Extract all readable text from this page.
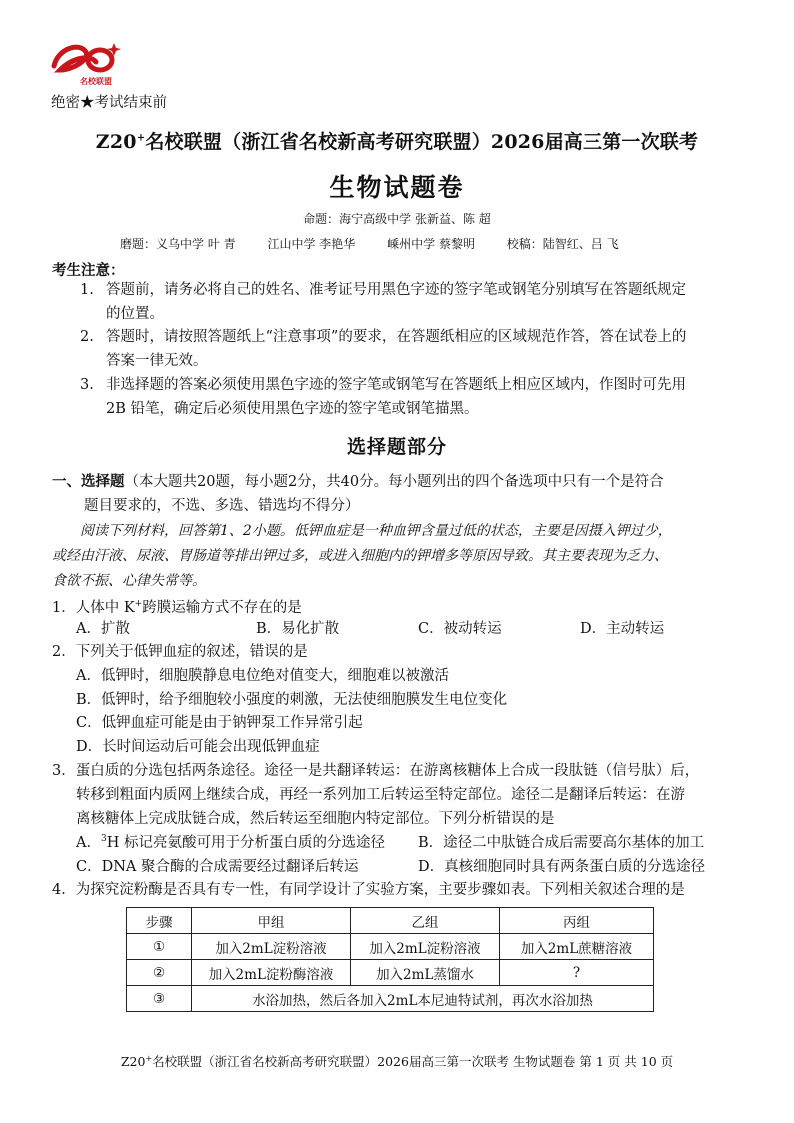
名校联盟
绝密★考试结束前
Z20+名校联盟（浙江省名校新高考研究联盟）2026届高三第一次联考
生物试题卷
命题：海宁高级中学 张新益、陈 超
磨题：义乌中学 叶 青	江山中学 李艳华	嵊州中学 蔡黎明	校稿：陆智红、吕 飞
考生注意：
1. 答题前，请务必将自己的姓名、准考证号用黑色字迹的签字笔或钢笔分别填写在答题纸规定
的位置。
2. 答题时，请按照答题纸上“注意事项”的要求，在答题纸相应的区域规范作答，答在试卷上的
答案一律无效。
3. 非选择题的答案必须使用黑色字迹的签字笔或钢笔写在答题纸上相应区域内，作图时可先用
2B 铅笔，确定后必须使用黑色字迹的签字笔或钢笔描黑。
选择题部分
一、选择题（本大题共20题，每小题2分，共40分。每小题列出的四个备选项中只有一个是符合
题目要求的，不选、多选、错选均不得分）
阅读下列材料，回答第1、2小题。低钾血症是一种血钾含量过低的状态，主要是因摄入钾过少，
或经由汗液、尿液、胃肠道等排出钾过多，或进入细胞内的钾增多等原因导致。其主要表现为乏力、
食欲不振、心律失常等。
1．人体中 K+跨膜运输方式不存在的是
A．扩散	B．易化扩散	C．被动转运	D．主动转运
2．下列关于低钾血症的叙述，错误的是
A．低钾时，细胞膜静息电位绝对值变大，细胞难以被激活
B．低钾时，给予细胞较小强度的刺激，无法使细胞膜发生电位变化
C．低钾血症可能是由于钠钾泵工作异常引起
D．长时间运动后可能会出现低钾血症
3．蛋白质的分选包括两条途径。途径一是共翻译转运：在游离核糖体上合成一段肽链（信号肽）后，
转移到粗面内质网上继续合成，再经一系列加工后转运至特定部位。途径二是翻译后转运：在游
离核糖体上完成肽链合成，然后转运至细胞内特定部位。下列分析错误的是
A．$^3$H 标记亮氨酸可用于分析蛋白质的分选途径 B．途径二中肽链合成后需要高尔基体的加工
C．DNA 聚合酶的合成需要经过翻译后转运	D．真核细胞同时具有两条蛋白质的分选途径
4．为探究淀粉酶是否具有专一性，有同学设计了实验方案，主要步骤如表。下列相关叙述合理的是
步骤	甲组	乙组	丙组
①	加入2mL淀粉溶液	加入2mL淀粉溶液	加入2mL蔗糖溶液
②	加入2mL淀粉酶溶液	加入2mL蒸馏水	?
③	水浴加热，然后各加入2mL本尼迪特试剂，再次水浴加热		
Z20+名校联盟（浙江省名校新高考研究联盟）2026届高三第一次联考 生物试题卷 第 1 页 共 10 页
